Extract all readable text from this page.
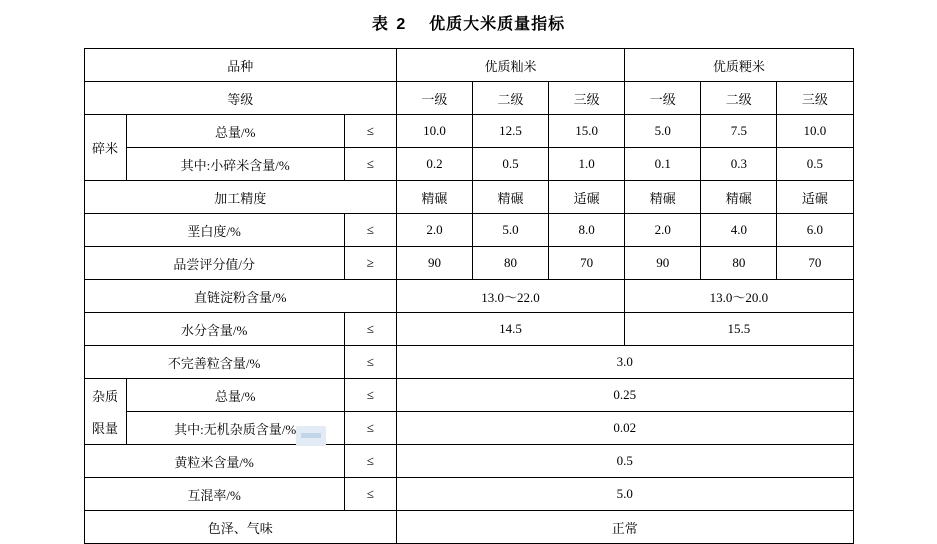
表 2 优质大米质量指标
品种			优质籼米			优质粳米		
等级			一级	二级	三级	一级	二级	三级
碎米	总量/%	≤	10.0	12.5	15.0	5.0	7.5	10.0
	其中:小碎米含量/%	≤	0.2	0.5	1.0	0.1	0.3	0.5
加工精度			精碾	精碾	适碾	精碾	精碾	适碾
垩白度/%		≤	2.0	5.0	8.0	2.0	4.0	6.0
品尝评分值/分		≥	90	80	70	90	80	70
直链淀粉含量/%			13.0～22.0			13.0～20.0		
水分含量/%		≤	14.5			15.5		
不完善粒含量/%		≤	3.0					
杂质	总量/%	≤	0.25					
限量	其中:无机杂质含量/%	≤	0.02					
黄粒米含量/%		≤	0.5					
互混率/%		≤	5.0					
色泽、气味			正常					
